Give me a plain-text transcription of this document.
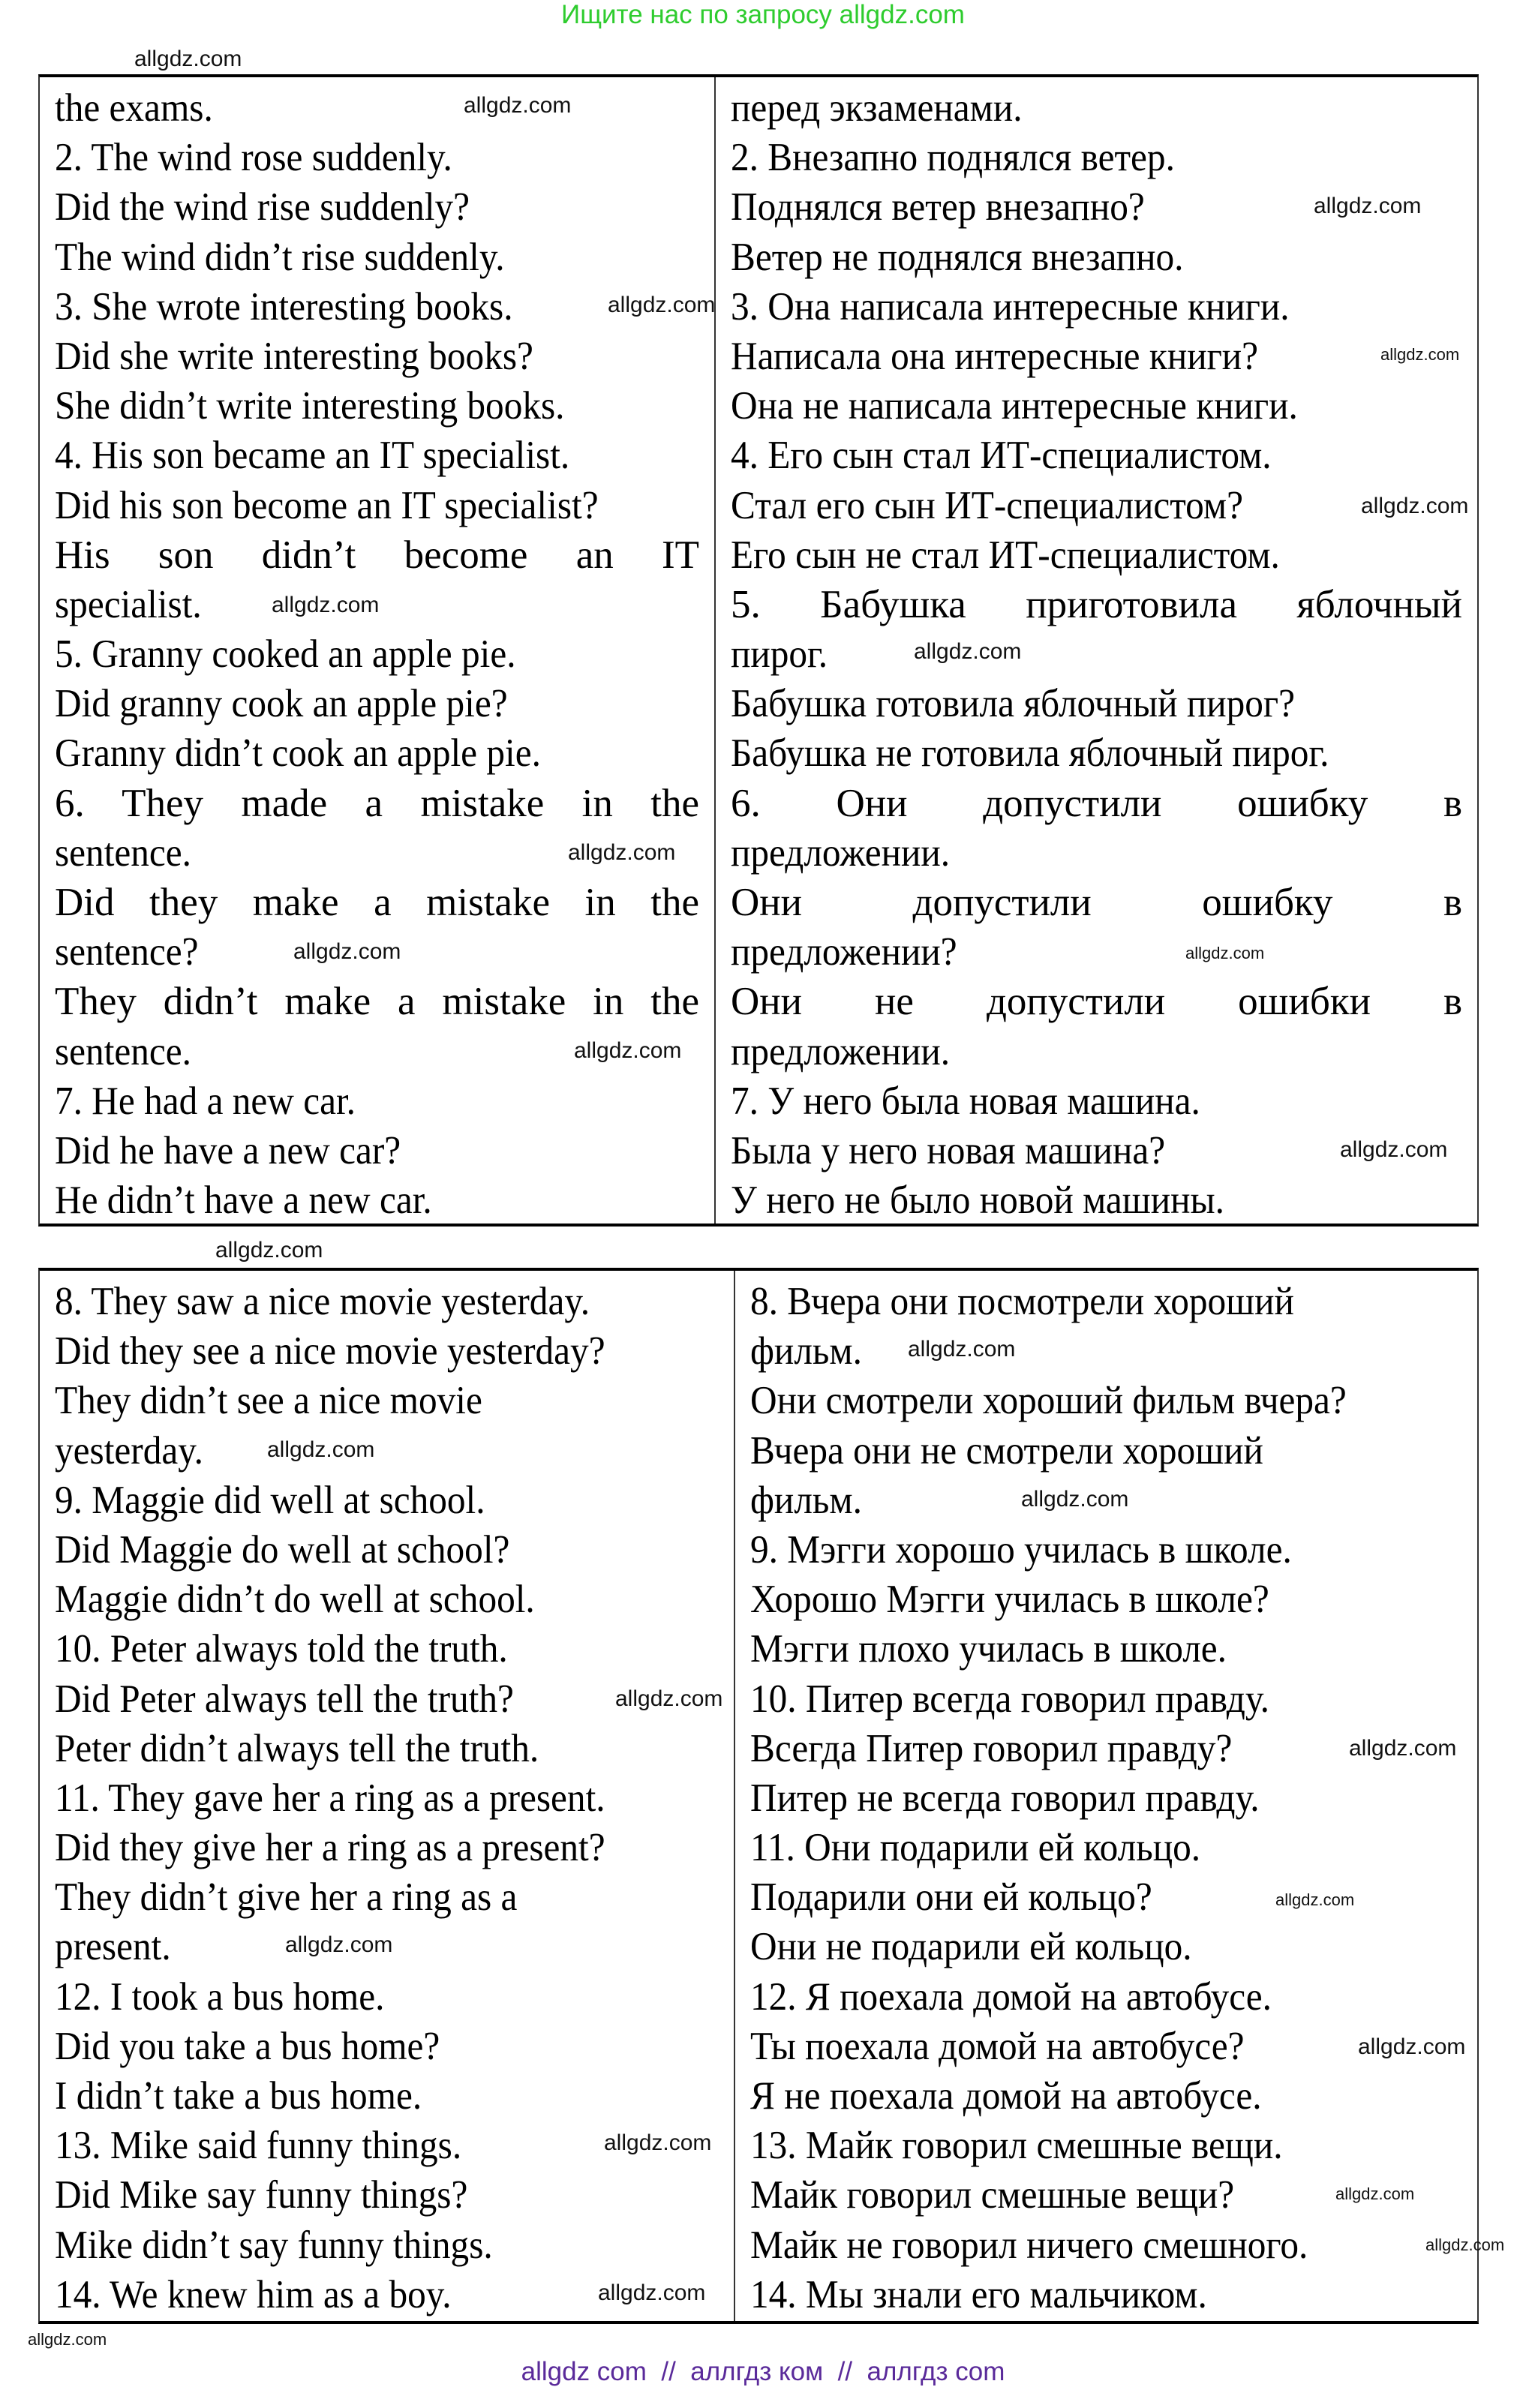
Ищите нас по запросу allgdz.com
the exams.
2. The wind rose suddenly.
Did the wind rise suddenly?
The wind didn’t rise suddenly.
3. She wrote interesting books.
Did she write interesting books?
She didn’t write interesting books.
4. His son became an IT specialist.
Did his son become an IT specialist?
His son didn’t become an IT
specialist.
5. Granny cooked an apple pie.
Did granny cook an apple pie?
Granny didn’t cook an apple pie.
6. They made a mistake in the
sentence.
Did they make a mistake in the
sentence?
They didn’t make a mistake in the
sentence.
7. He had a new car.
Did he have a new car?
He didn’t have a new car.
перед экзаменами.
2. Внезапно поднялся ветер.
Поднялся ветер внезапно?
Ветер не поднялся внезапно.
3. Она написала интересные книги.
Написала она интересные книги?
Она не написала интересные книги.
4. Его сын стал ИТ-специалистом.
Стал его сын ИТ-специалистом?
Его сын не стал ИТ-специалистом.
5. Бабушка приготовила яблочный
пирог.
Бабушка готовила яблочный пирог?
Бабушка не готовила яблочный пирог.
6. Они допустили ошибку в
предложении.
Они допустили ошибку в
предложении?
Они не допустили ошибки в
предложении.
7. У него была новая машина.
Была у него новая машина?
У него не было новой машины.
8. They saw a nice movie yesterday.
Did they see a nice movie yesterday?
They didn’t see a nice movie
yesterday.
9. Maggie did well at school.
Did Maggie do well at school?
Maggie didn’t do well at school.
10. Peter always told the truth.
Did Peter always tell the truth?
Peter didn’t always tell the truth.
11. They gave her a ring as a present.
Did they give her a ring as a present?
They didn’t give her a ring as a
present.
12. I took a bus home.
Did you take a bus home?
I didn’t take a bus home.
13. Mike said funny things.
Did Mike say funny things?
Mike didn’t say funny things.
14. We knew him as a boy.
8. Вчера они посмотрели хороший
фильм.
Они смотрели хороший фильм вчера?
Вчера они не смотрели хороший
фильм.
9. Мэгги хорошо училась в школе.
Хорошо Мэгги училась в школе?
Мэгги плохо училась в школе.
10. Питер всегда говорил правду.
Всегда Питер говорил правду?
Питер не всегда говорил правду.
11. Они подарили ей кольцо.
Подарили они ей кольцо?
Они не подарили ей кольцо.
12. Я поехала домой на автобусе.
Ты поехала домой на автобусе?
Я не поехала домой на автобусе.
13. Майк говорил смешные вещи.
Майк говорил смешные вещи?
Майк не говорил ничего смешного.
14. Мы знали его мальчиком.
allgdz.com
allgdz.com
allgdz.com
allgdz.com
allgdz.com
allgdz.com
allgdz.com
allgdz.com
allgdz.com
allgdz.com	allgdz.com
allgdz.com
allgdz.com
allgdz.com
allgdz.com
allgdz.com
allgdz.com
allgdz.com
allgdz.com
allgdz.com
allgdz.com
allgdz.com
allgdz.com
allgdz.com
allgdz.com
allgdz.com
allgdz.com
allgdz com  //  аллгдз ком  //  аллгдз com
